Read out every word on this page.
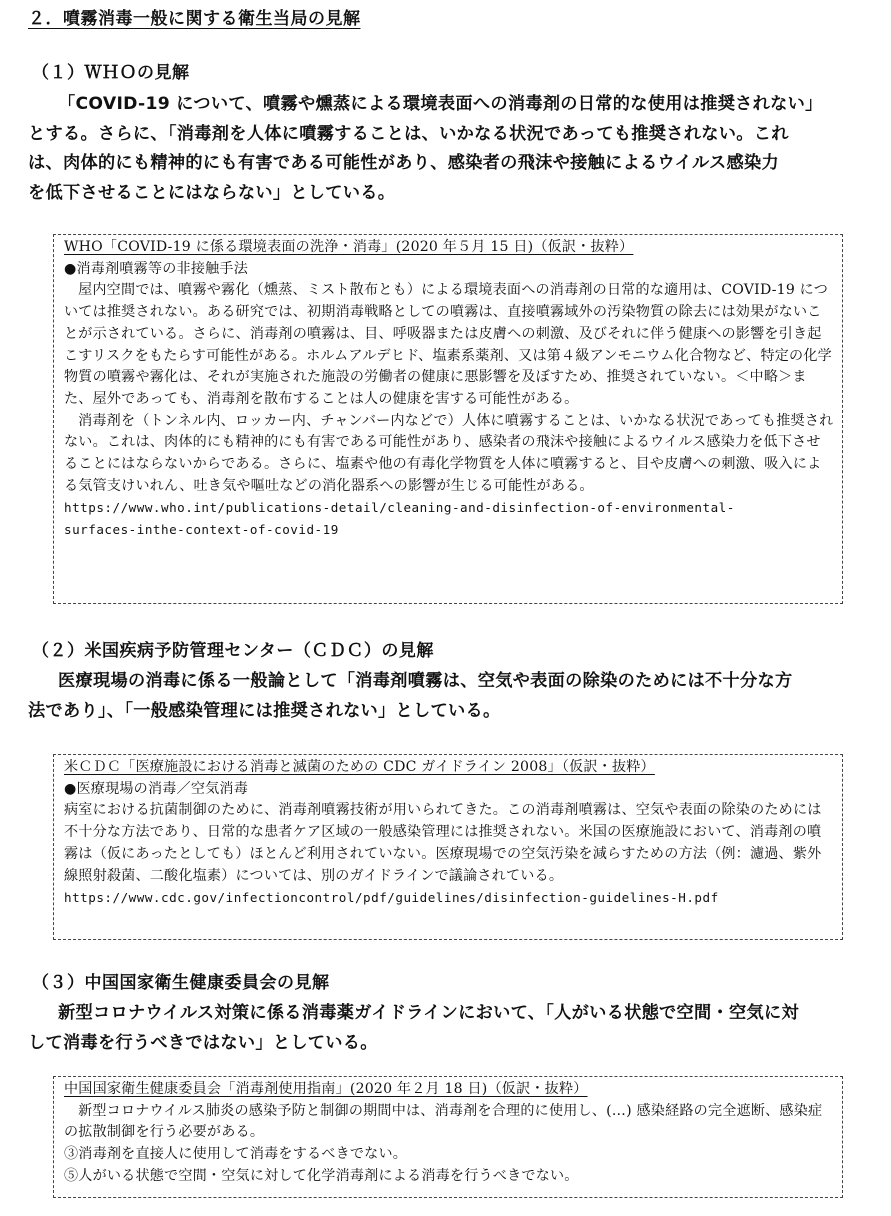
２．噴霧消毒一般に関する衛生当局の見解
（１）ＷＨＯの見解
「COVID-19 について、噴霧や燻蒸による環境表面への消毒剤の日常的な使用は推奨されない」
とする。さらに、「消毒剤を人体に噴霧することは、いかなる状況であっても推奨されない。これ
は、肉体的にも精神的にも有害である可能性があり、感染者の飛沫や接触によるウイルス感染力
を低下させることにはならない」としている。
WHO「COVID-19 に係る環境表面の洗浄・消毒」(2020 年５月 15 日)（仮訳・抜粋）
●消毒剤噴霧等の非接触手法

屋内空間では、噴霧や霧化（燻蒸、ミスト散布とも）による環境表面への消毒剤の日常的な適用は、COVID-19 については推奨されない。ある研究では、初期消毒戦略としての噴霧は、直接噴霧域外の汚染物質の除去には効果がないことが示されている。さらに、消毒剤の噴霧は、目、呼吸器または皮膚への刺激、及びそれに伴う健康への影響を引き起こすリスクをもたらす可能性がある。ホルムアルデヒド、塩素系薬剤、又は第４級アンモニウム化合物など、特定の化学物質の噴霧や霧化は、それが実施された施設の労働者の健康に悪影響を及ぼすため、推奨されていない。＜中略＞また、屋外であっても、消毒剤を散布することは人の健康を害する可能性がある。

消毒剤を（トンネル内、ロッカー内、チャンバー内などで）人体に噴霧することは、いかなる状況であっても推奨されない。これは、肉体的にも精神的にも有害である可能性があり、感染者の飛沫や接触によるウイルス感染力を低下させることにはならないからである。さらに、塩素や他の有毒化学物質を人体に噴霧すると、目や皮膚への刺激、吸入による気管支けいれん、吐き気や嘔吐などの消化器系への影響が生じる可能性がある。

https://www.who.int/publications-detail/cleaning-and-disinfection-of-environmental-
surfaces-inthe-context-of-covid-19
（２）米国疾病予防管理センター（ＣＤＣ）の見解
医療現場の消毒に係る一般論として「消毒剤噴霧は、空気や表面の除染のためには不十分な方
法であり」、「一般感染管理には推奨されない」としている。
米ＣＤＣ「医療施設における消毒と滅菌のための CDC ガイドライン 2008」（仮訳・抜粋）
●医療現場の消毒／空気消毒

病室における抗菌制御のために、消毒剤噴霧技術が用いられてきた。この消毒剤噴霧は、空気や表面の除染のためには不十分な方法であり、日常的な患者ケア区域の一般感染管理には推奨されない。米国の医療施設において、消毒剤の噴霧は（仮にあったとしても）ほとんど利用されていない。医療現場での空気汚染を減らすための方法（例：濾過、紫外線照射殺菌、二酸化塩素）については、別のガイドラインで議論されている。

https://www.cdc.gov/infectioncontrol/pdf/guidelines/disinfection-guidelines-H.pdf
（３）中国国家衛生健康委員会の見解
新型コロナウイルス対策に係る消毒薬ガイドラインにおいて、「人がいる状態で空間・空気に対
して消毒を行うべきではない」としている。
中国国家衛生健康委員会「消毒剤使用指南」(2020 年２月 18 日)（仮訳・抜粋）

新型コロナウイルス肺炎の感染予防と制御の期間中は、消毒剤を合理的に使用し、(…) 感染経路の完全遮断、感染症の拡散制御を行う必要がある。

③消毒剤を直接人に使用して消毒をするべきでない。
⑤人がいる状態で空間・空気に対して化学消毒剤による消毒を行うべきでない。
